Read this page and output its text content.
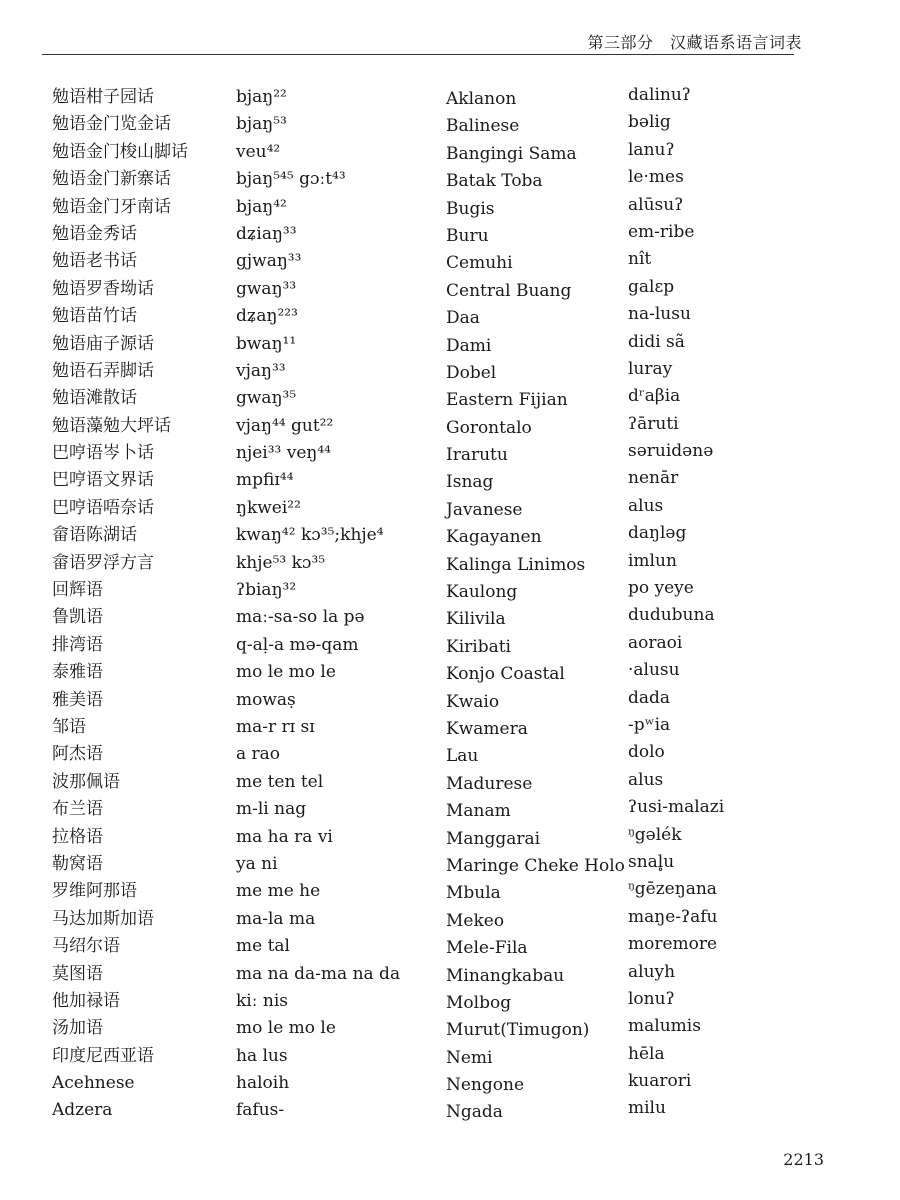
第三部分　汉藏语系语言词表
勉语柑子园话
勉语金门览金话
勉语金门梭山脚话
勉语金门新寨话
勉语金门牙南话
勉语金秀话
勉语老书话
勉语罗香坳话
勉语苗竹话
勉语庙子源话
勉语石弄脚话
勉语滩散话
勉语藻勉大坪话
巴哼语岑卜话
巴哼语文界话
巴哼语唔奈话
畲语陈湖话
畲语罗浮方言
回辉语
鲁凯语
排湾语
泰雅语
雅美语
邹语
阿杰语
波那佩语
布兰语
拉格语
勒窝语
罗维阿那语
马达加斯加语
马绍尔语
莫图语
他加禄语
汤加语
印度尼西亚语
Acehnese
Adzera
bjaŋ²²
bjaŋ⁵³
veu⁴²
bjaŋ⁵⁴⁵ gɔːt⁴³
bjaŋ⁴²
dʑiaŋ³³
gjwaŋ³³
gwaŋ³³
dʑaŋ²²³
bwaŋ¹¹
vjaŋ³³
gwaŋ³⁵
vjaŋ⁴⁴ gut²²
njei³³ veŋ⁴⁴
mpfiɪ⁴⁴
ŋkwei²²
kwaŋ⁴² kɔ³⁵;khje⁴
khje⁵³ kɔ³⁵
ʔbiaŋ³²
maː-sa-so la pə
q-aḷ-a mə-qam
mo le mo le
mowaṣ
ma-r rɪ sɪ
a rao
me ten tel
m-li nag
ma ha ra vi
ya ni
me me he
ma-la ma
me tal
ma na da-ma na da
kiː nis
mo le mo le
ha lus
haloih
fafus-
Aklanon
Balinese
Bangingi Sama
Batak Toba
Bugis
Buru
Cemuhi
Central Buang
Daa
Dami
Dobel
Eastern Fijian
Gorontalo
Irarutu
Isnag
Javanese
Kagayanen
Kalinga Linimos
Kaulong
Kilivila
Kiribati
Konjo Coastal
Kwaio
Kwamera
Lau
Madurese
Manam
Manggarai
Maringe Cheke Holo
Mbula
Mekeo
Mele-Fila
Minangkabau
Molbog
Murut(Timugon)
Nemi
Nengone
Ngada
dalinuʔ
bəlig
lanuʔ
le·mes
alūsuʔ
em-ribe
nît
galɛp
na-lusu
didi sã
luray
dʳaβia
ʔāruti
səruidənə
nenār
alus
daŋləg
imlun
po yeye
dudubuna
aoraoi
·alusu
dada
-pʷia
dolo
alus
ʔusi-malazi
ᵑgəlék
snal̥u
ᵑgēzeŋana
maŋe-ʔafu
moremore
aluyh
lonuʔ
malumis
hēla
kuarori
milu
2213
